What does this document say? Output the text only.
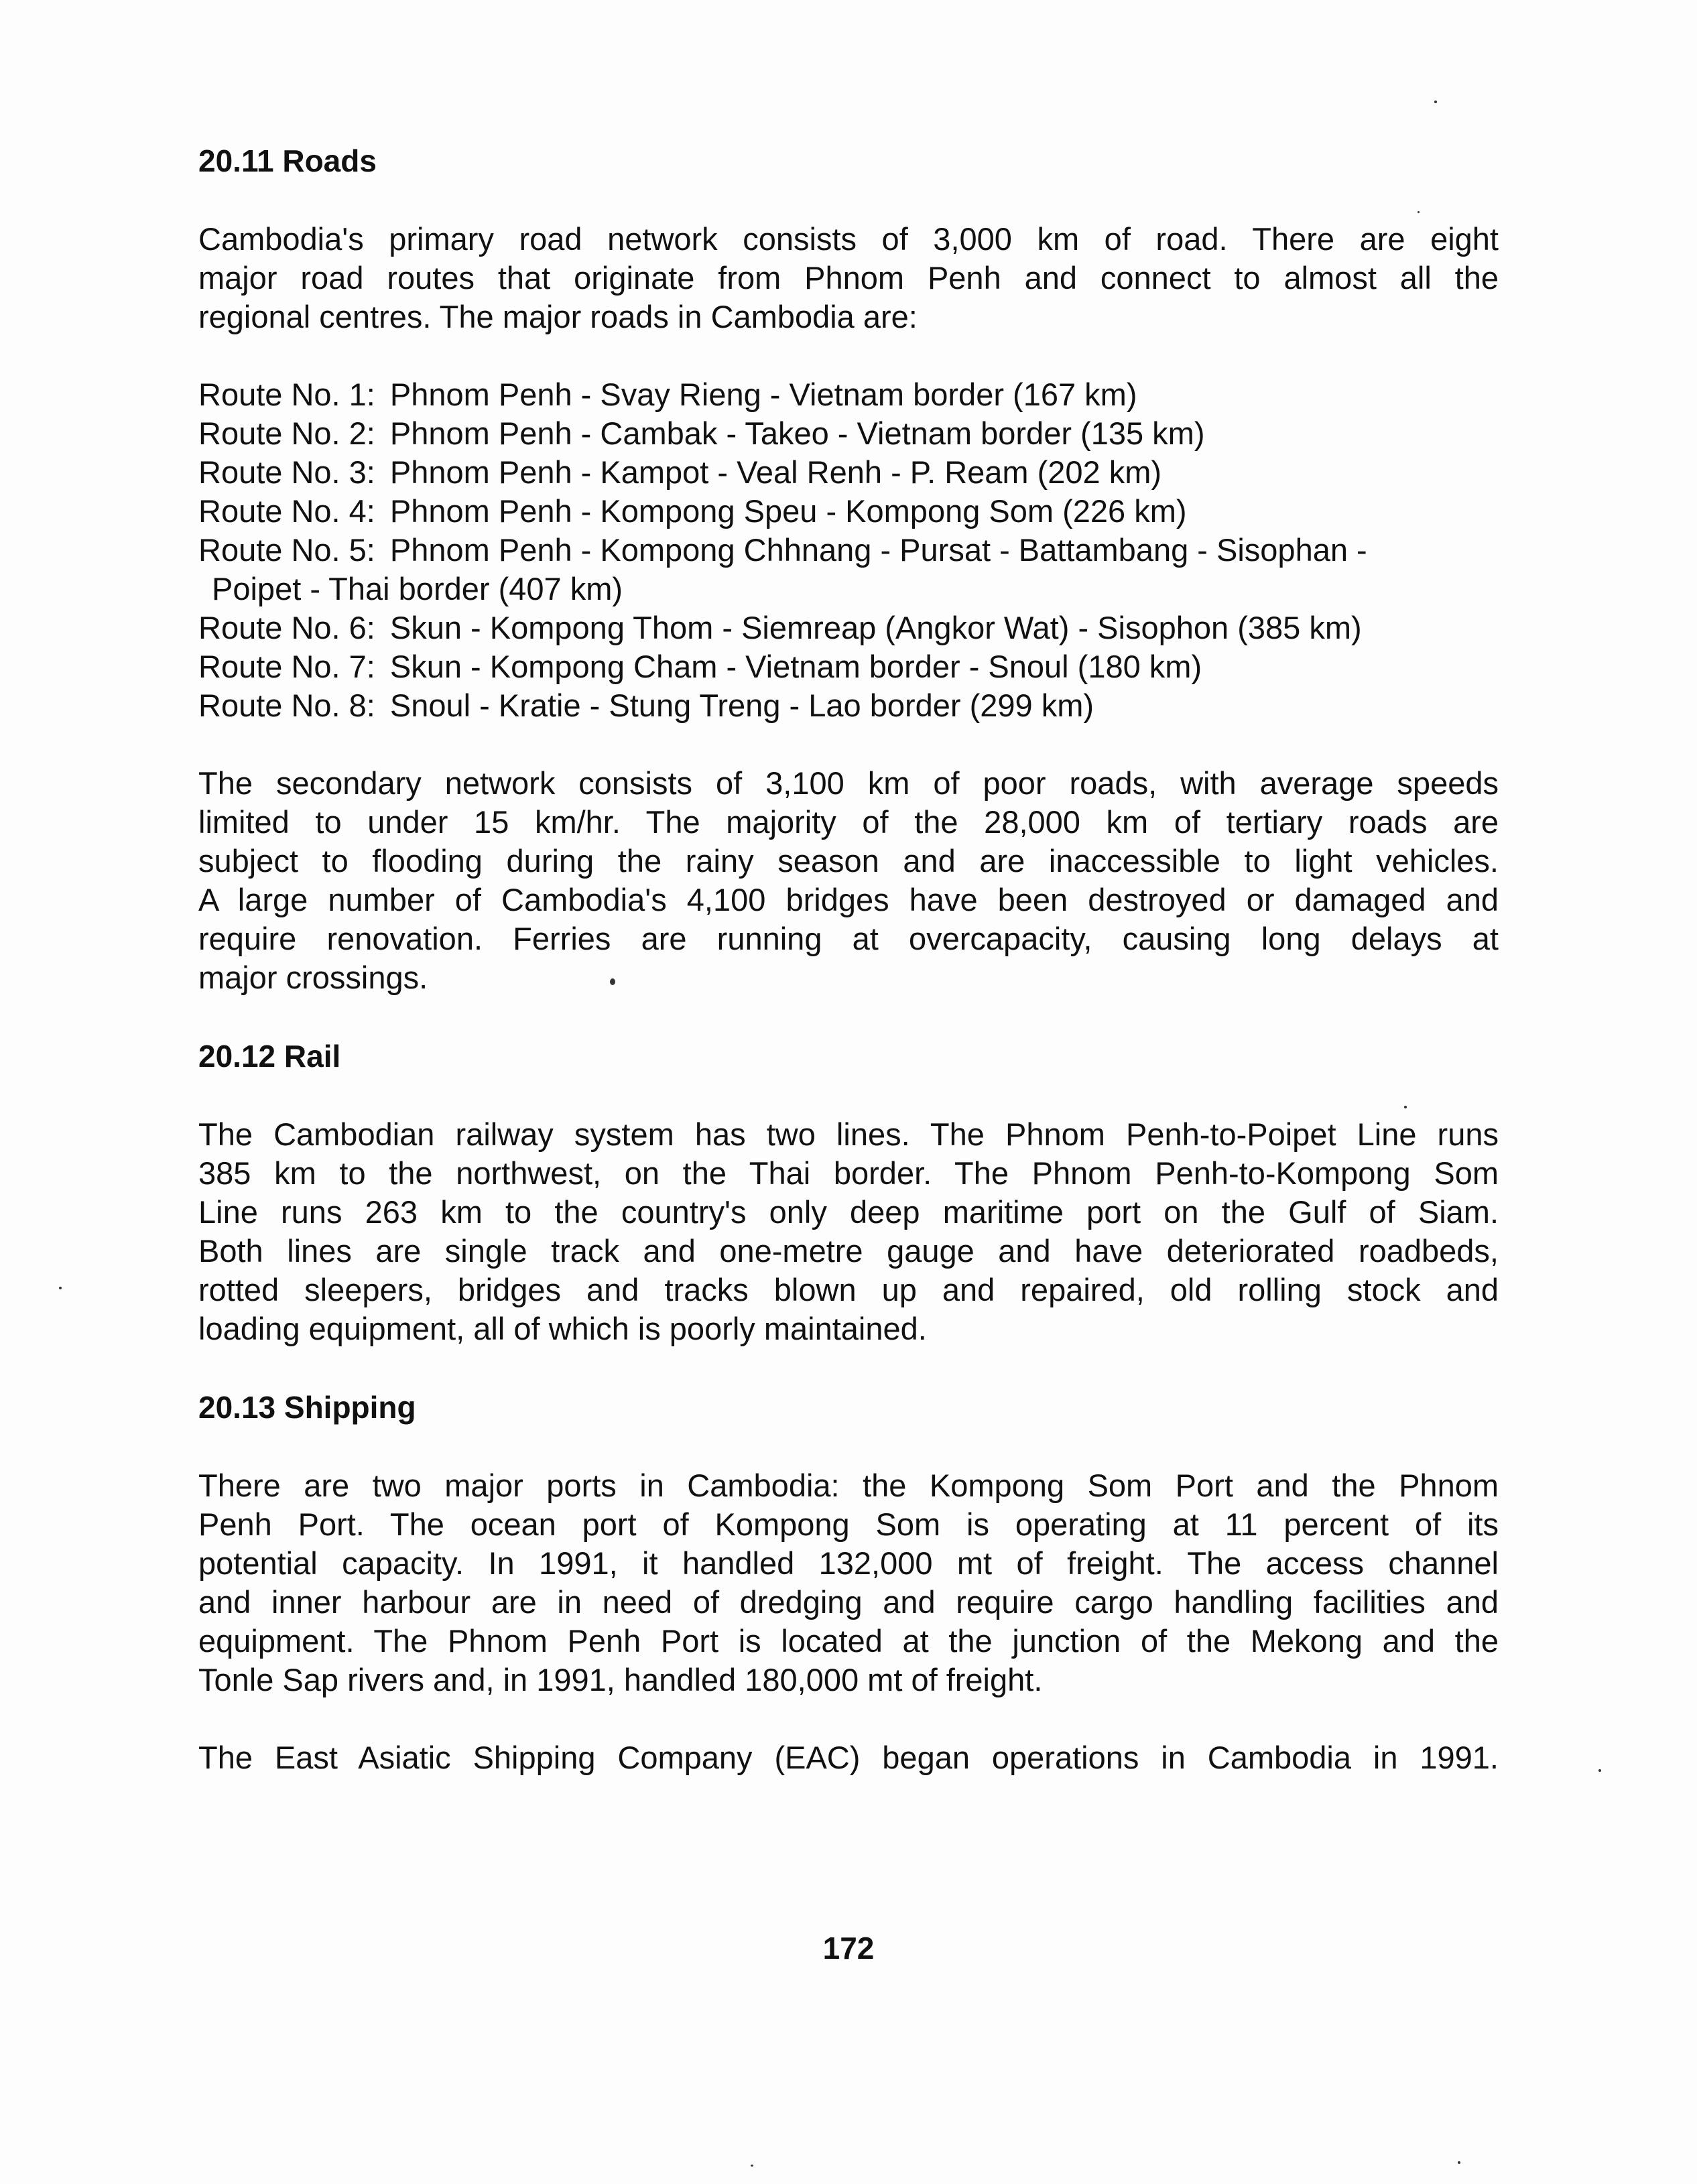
20.11 Roads

Cambodia's primary road network consists of 3,000 km of road. There are eight
major road routes that originate from Phnom Penh and connect to almost all the
regional centres. The major roads in Cambodia are:

Route No. 1: Phnom Penh - Svay Rieng - Vietnam border (167 km)
Route No. 2: Phnom Penh - Cambak - Takeo - Vietnam border (135 km)
Route No. 3: Phnom Penh - Kampot - Veal Renh - P. Ream (202 km)
Route No. 4: Phnom Penh - Kompong Speu - Kompong Som (226 km)
Route No. 5: Phnom Penh - Kompong Chhnang - Pursat - Battambang - Sisophan -
Poipet - Thai border (407 km)
Route No. 6: Skun - Kompong Thom - Siemreap (Angkor Wat) - Sisophon (385 km)
Route No. 7: Skun - Kompong Cham - Vietnam border - Snoul (180 km)
Route No. 8: Snoul - Kratie - Stung Treng - Lao border (299 km)

The secondary network consists of 3,100 km of poor roads, with average speeds
limited to under 15 km/hr. The majority of the 28,000 km of tertiary roads are
subject to flooding during the rainy season and are inaccessible to light vehicles.
A large number of Cambodia's 4,100 bridges have been destroyed or damaged and
require renovation. Ferries are running at overcapacity, causing long delays at
major crossings.

20.12 Rail

The Cambodian railway system has two lines. The Phnom Penh-to-Poipet Line runs
385 km to the northwest, on the Thai border. The Phnom Penh-to-Kompong Som
Line runs 263 km to the country's only deep maritime port on the Gulf of Siam.
Both lines are single track and one-metre gauge and have deteriorated roadbeds,
rotted sleepers, bridges and tracks blown up and repaired, old rolling stock and
loading equipment, all of which is poorly maintained.

20.13 Shipping

There are two major ports in Cambodia: the Kompong Som Port and the Phnom
Penh Port. The ocean port of Kompong Som is operating at 11 percent of its
potential capacity. In 1991, it handled 132,000 mt of freight. The access channel
and inner harbour are in need of dredging and require cargo handling facilities and
equipment. The Phnom Penh Port is located at the junction of the Mekong and the
Tonle Sap rivers and, in 1991, handled 180,000 mt of freight.

The East Asiatic Shipping Company (EAC) began operations in Cambodia in 1991.

172
